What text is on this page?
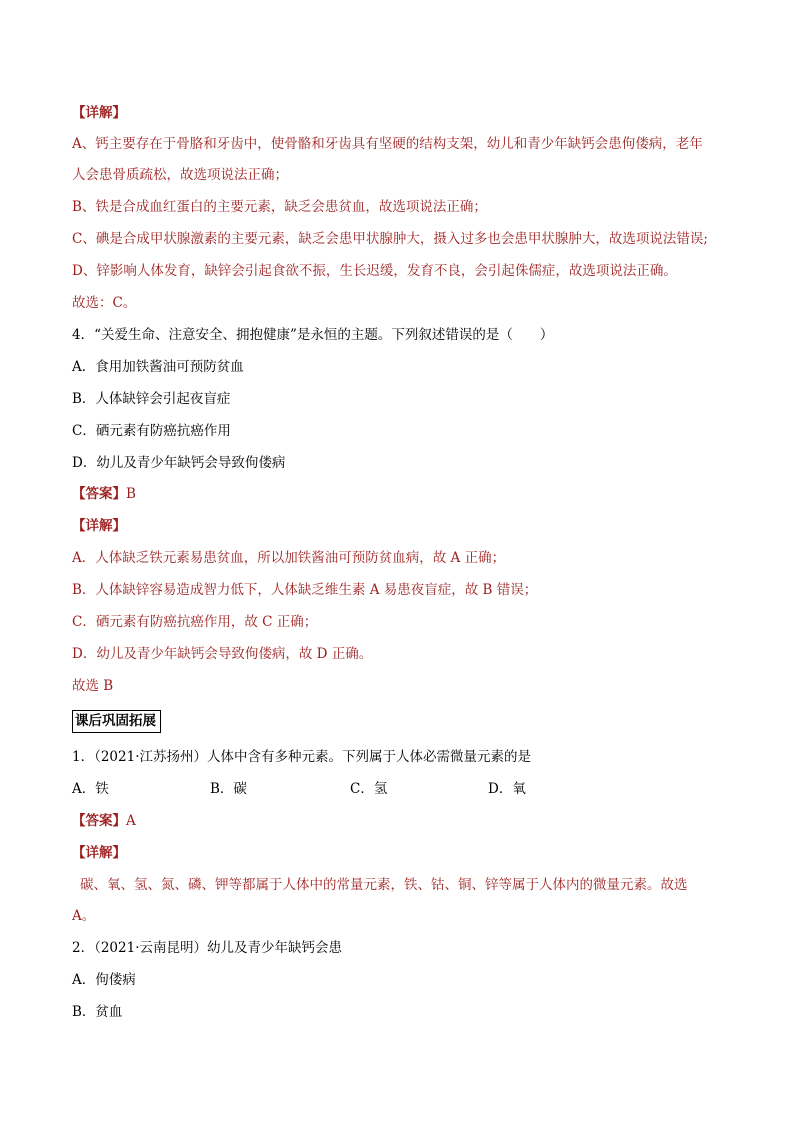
【详解】
A、钙主要存在于骨胳和牙齿中，使骨骼和牙齿具有坚硬的结构支架，幼儿和青少年缺钙会患佝偻病，老年
人会患骨质疏松，故选项说法正确；
B、铁是合成血红蛋白的主要元素，缺乏会患贫血，故选项说法正确；
C、碘是合成甲状腺激素的主要元素，缺乏会患甲状腺肿大，摄入过多也会患甲状腺肿大，故选项说法错误;
D、锌影响人体发育，缺锌会引起食欲不振，生长迟缓，发育不良，会引起侏儒症，故选项说法正确。
故选：C。
4．“关爱生命、注意安全、拥抱健康”是永恒的主题。下列叙述错误的是（　　）
A．食用加铁酱油可预防贫血
B．人体缺锌会引起夜盲症
C．硒元素有防癌抗癌作用
D．幼儿及青少年缺钙会导致佝偻病
【答案】B
【详解】
A．人体缺乏铁元素易患贫血，所以加铁酱油可预防贫血病，故 A 正确；
B．人体缺锌容易造成智力低下，人体缺乏维生素 A 易患夜盲症，故 B 错误；
C．硒元素有防癌抗癌作用，故 C 正确；
D．幼儿及青少年缺钙会导致佝偻病，故 D 正确。
故选 B
课后巩固拓展
1．（2021·江苏扬州）人体中含有多种元素。下列属于人体必需微量元素的是
A．铁	B．碳	C．氢	D．氧
【答案】A
【详解】
碳、氧、氢、氮、磷、钾等都属于人体中的常量元素，铁、钴、铜、锌等属于人体内的微量元素。故选
A。
2．（2021·云南昆明）幼儿及青少年缺钙会患
A．佝偻病
B．贫血
